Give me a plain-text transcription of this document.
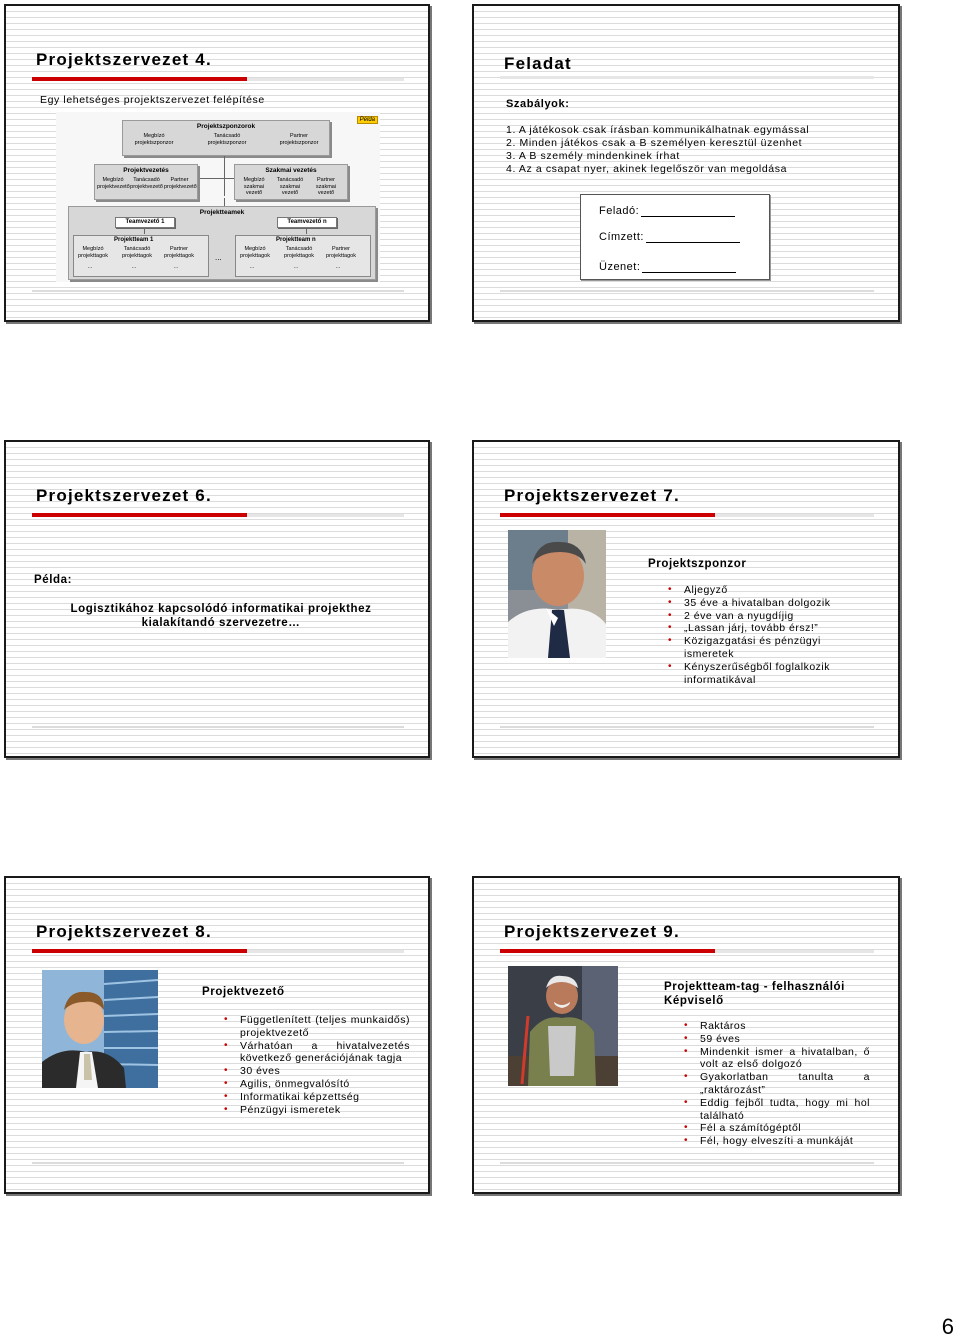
Projektszervezet 4.
Egy lehetséges projektszervezet felépítése
Példa
Projektszponzorok
Megbízó projektszponzor
Tanácsadó projektszponzor
Partner projektszponzor
Projektvezetés
Megbízó projektvezető
Tanácsadó projektvezető
Partner projektvezető
Szakmai vezetés
Megbízó szakmai vezető
Tanácsadó szakmai vezető
Partner szakmai vezető
Projektteamek
Teamvezető 1	Teamvezető n
Projektteam 1
Megbízó projekttagok
Tanácsadó projekttagok
Partner projekttagok
…	…	…
...
Projektteam n
Megbízó projekttagok
Tanácsadó projekttagok
Partner projekttagok
…	…	…
Feladat
Szabályok:
1. A játékosok csak írásban kommunikálhatnak egymással
2. Minden játékos csak a B személyen keresztül üzenhet
3. A B személy mindenkinek írhat
4. Az a csapat nyer, akinek legelőször van megoldása
Feladó:
Címzett:
Üzenet:
Projektszervezet 6.
Példa:
Logisztikához kapcsolódó informatikai projekthez kialakítandó szervezetre…
Projektszervezet 7.
Projektszponzor
• Aljegyző
• 35 éve a hivatalban dolgozik
• 2 éve van a nyugdíjig
• „Lassan járj, tovább érsz!”
• Közigazgatási és pénzügyi ismeretek
• Kényszerűségből foglalkozik informatikával
Projektszervezet 8.
Projektvezető
• Függetlenített (teljes munkaidős) projektvezető
• Várhatóan a hivatalvezetés következő generációjának tagja
• 30 éves
• Agilis, önmegvalósító
• Informatikai képzettség
• Pénzügyi ismeretek
Projektszervezet 9.
Projektteam-tag - felhasználói Képviselő
• Raktáros
• 59 éves
• Mindenkit ismer a hivatalban, ő volt az első dolgozó
• Gyakorlatban tanulta a „raktározást”
• Eddig fejből tudta, hogy mi hol található
• Fél a számítógéptől
• Fél, hogy elveszíti a munkáját
6
